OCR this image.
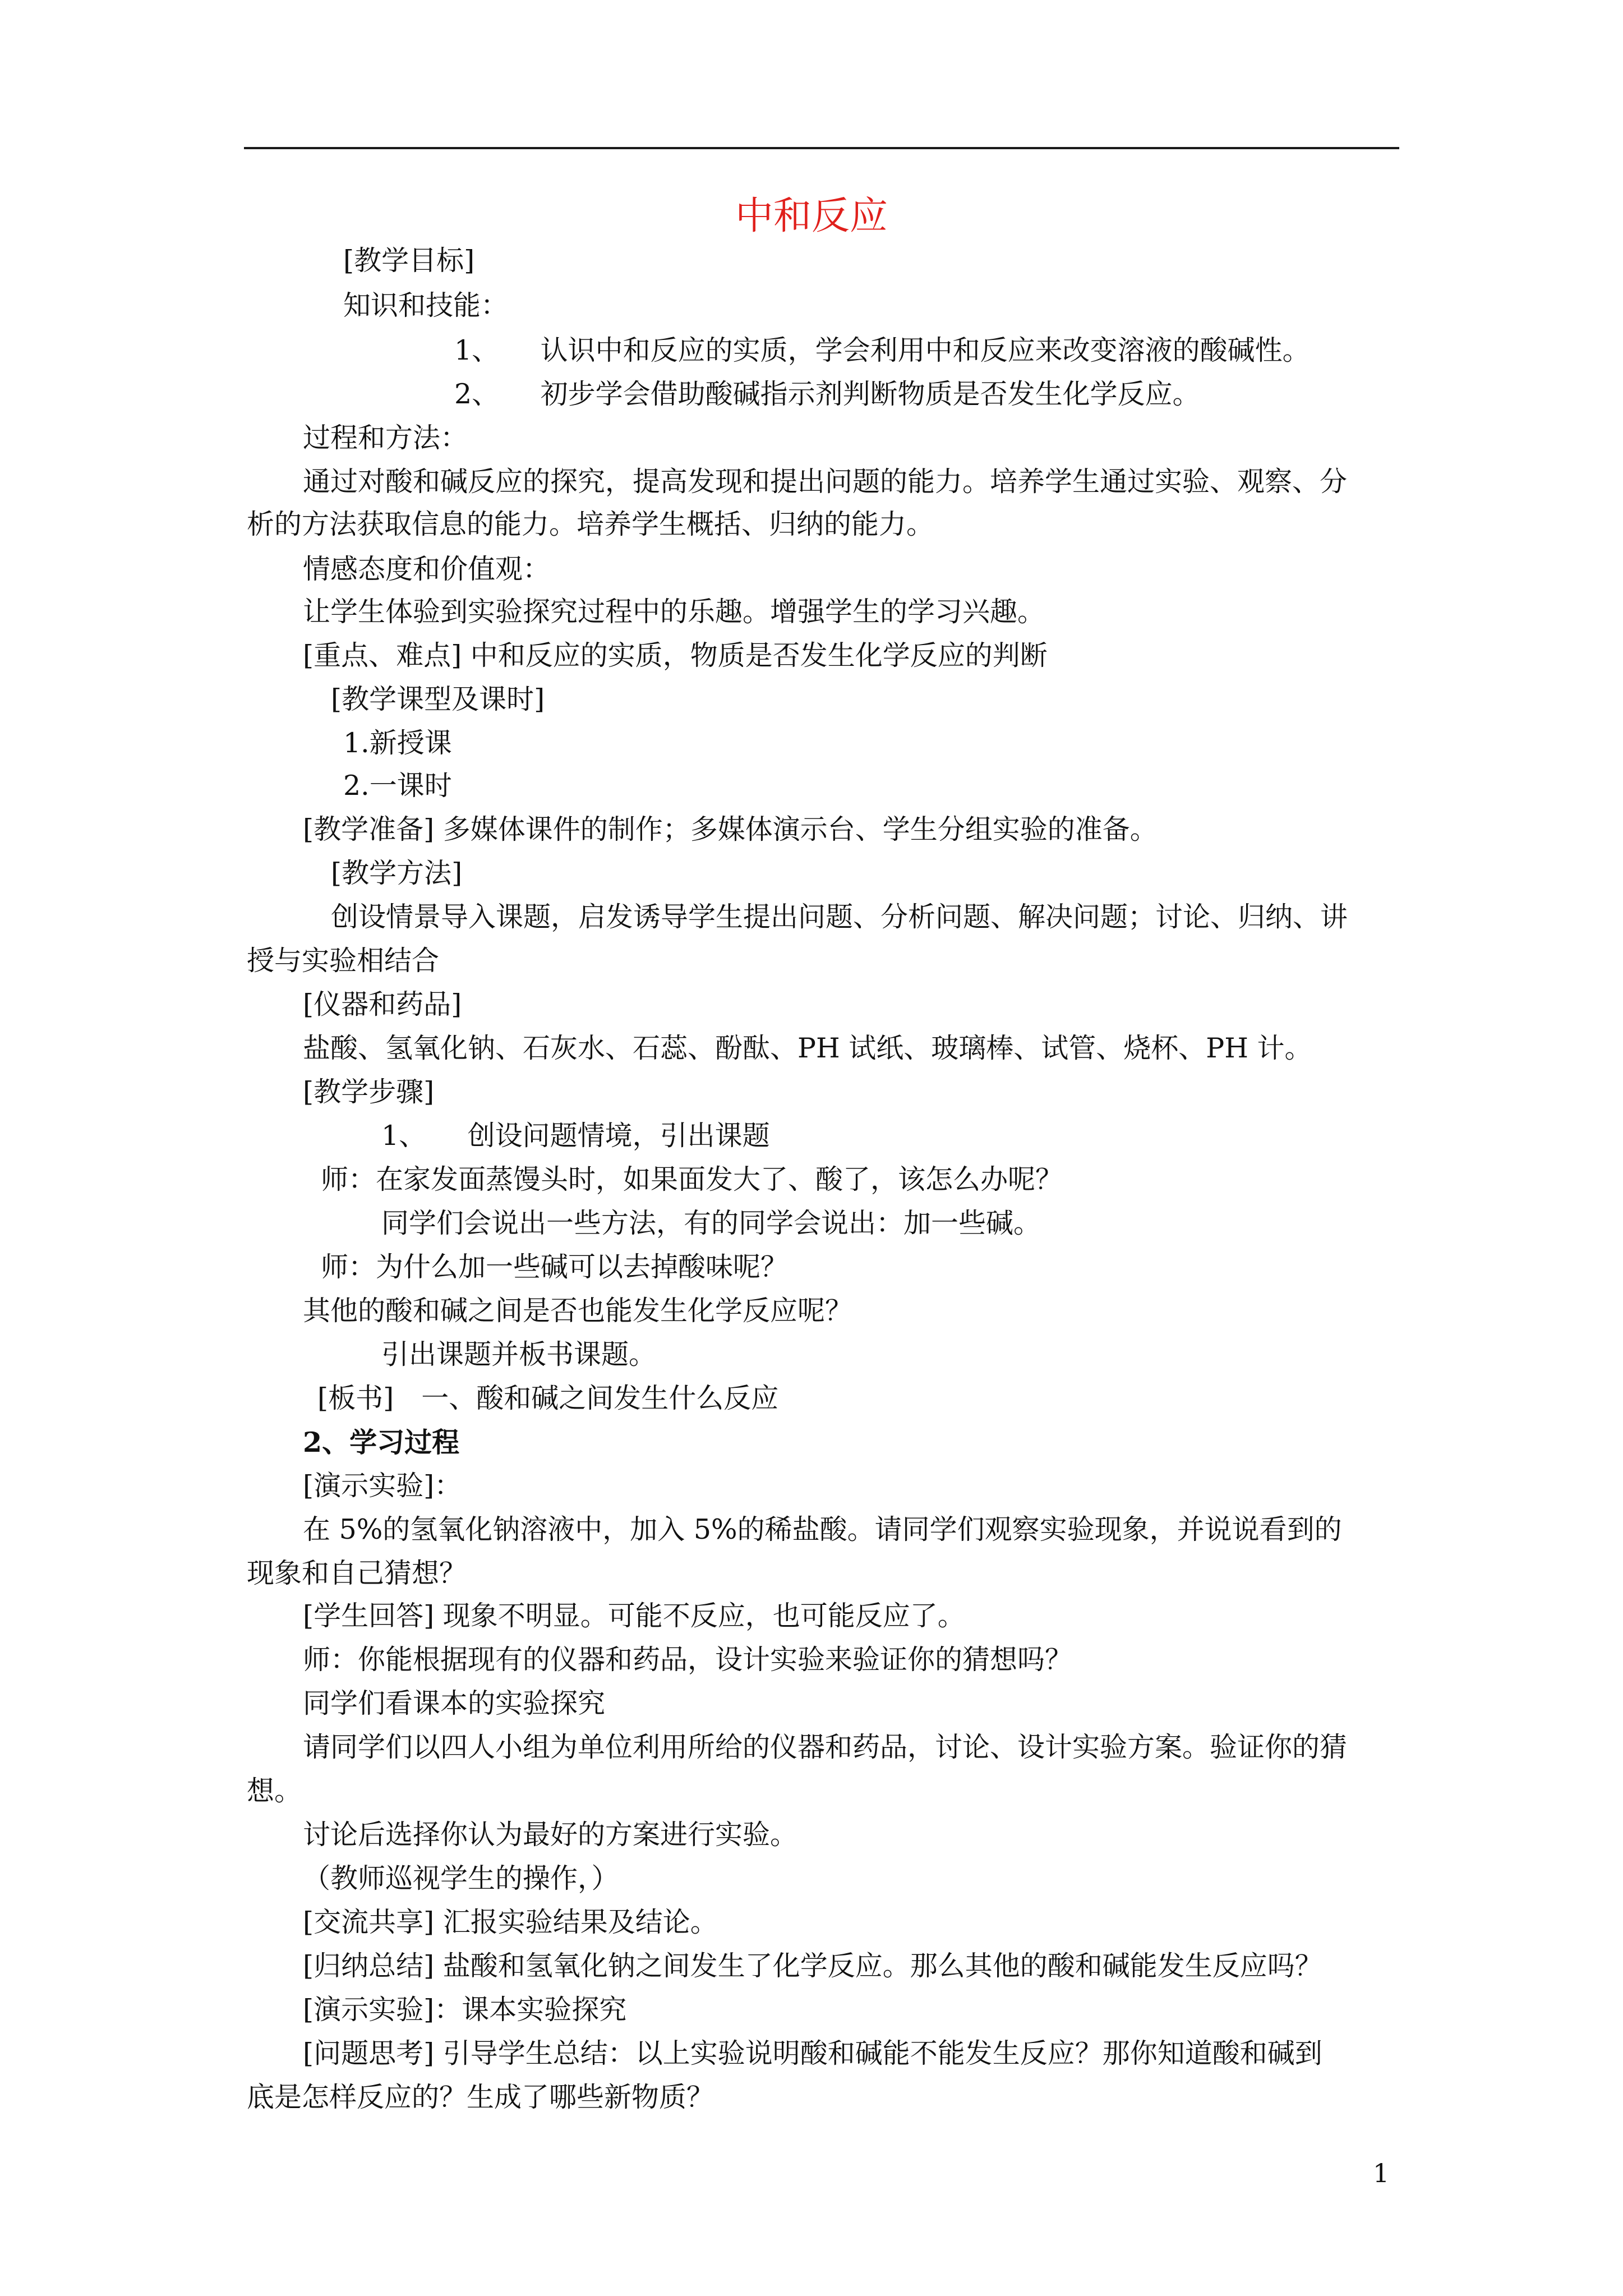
中和反应
[教学目标]
知识和技能：
1、　　认识中和反应的实质，学会利用中和反应来改变溶液的酸碱性。
2、　　初步学会借助酸碱指示剂判断物质是否发生化学反应。
过程和方法：
通过对酸和碱反应的探究，提高发现和提出问题的能力。培养学生通过实验、观察、分
析的方法获取信息的能力。培养学生概括、归纳的能力。
情感态度和价值观：
让学生体验到实验探究过程中的乐趣。增强学生的学习兴趣。
[重点、难点] 中和反应的实质，物质是否发生化学反应的判断
[教学课型及课时]
1.新授课
2.一课时
[教学准备] 多媒体课件的制作；多媒体演示台、学生分组实验的准备。
[教学方法]
创设情景导入课题，启发诱导学生提出问题、分析问题、解决问题；讨论、归纳、讲
授与实验相结合
[仪器和药品]
盐酸、氢氧化钠、石灰水、石蕊、酚酞、PH 试纸、玻璃棒、试管、烧杯、PH 计。
[教学步骤]
1、　　创设问题情境，引出课题
师：在家发面蒸馒头时，如果面发大了、酸了，该怎么办呢？
同学们会说出一些方法，有的同学会说出：加一些碱。
师：为什么加一些碱可以去掉酸味呢？
其他的酸和碱之间是否也能发生化学反应呢？
引出课题并板书课题。
[板书]　一、酸和碱之间发生什么反应
2、学习过程
[演示实验]：
在 5%的氢氧化钠溶液中，加入 5%的稀盐酸。请同学们观察实验现象，并说说看到的
现象和自己猜想？
[学生回答] 现象不明显。可能不反应，也可能反应了。
师：你能根据现有的仪器和药品，设计实验来验证你的猜想吗？
同学们看课本的实验探究
请同学们以四人小组为单位利用所给的仪器和药品，讨论、设计实验方案。验证你的猜
想。
讨论后选择你认为最好的方案进行实验。
（教师巡视学生的操作，）
[交流共享] 汇报实验结果及结论。
[归纳总结] 盐酸和氢氧化钠之间发生了化学反应。那么其他的酸和碱能发生反应吗？
[演示实验]：课本实验探究
[问题思考] 引导学生总结：以上实验说明酸和碱能不能发生反应？那你知道酸和碱到
底是怎样反应的？生成了哪些新物质？
1
